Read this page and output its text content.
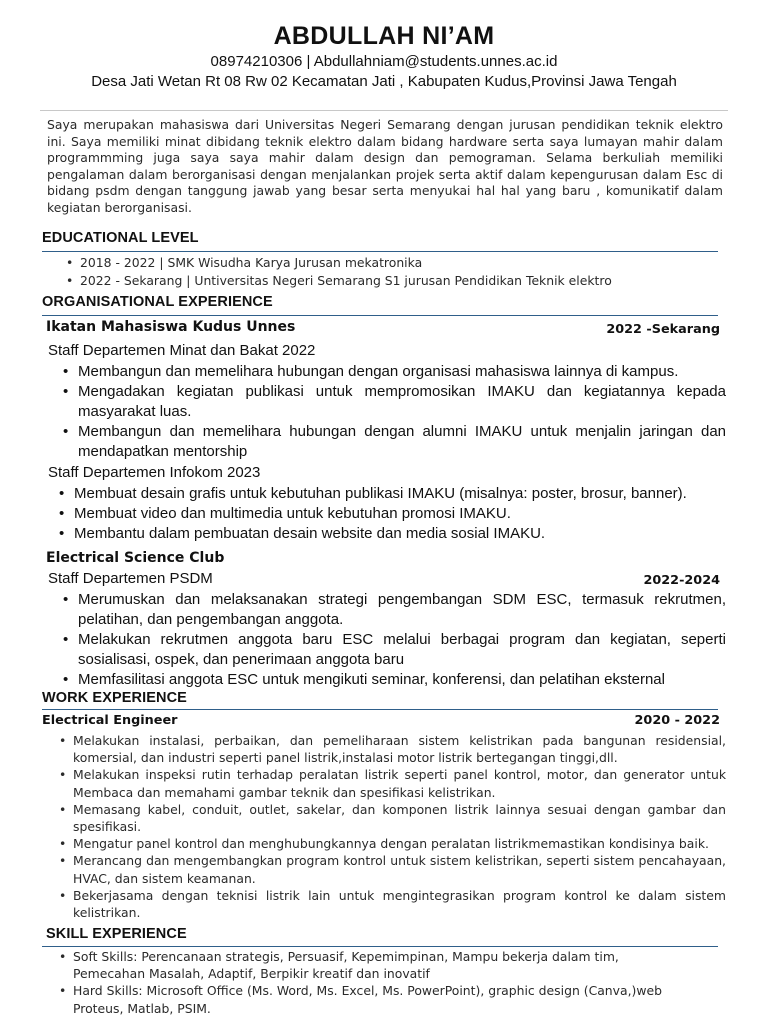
ABDULLAH NI’AM
08974210306 | Abdullahniam@students.unnes.ac.id
Desa Jati Wetan Rt 08 Rw 02 Kecamatan Jati , Kabupaten Kudus,Provinsi Jawa Tengah
Saya merupakan mahasiswa dari Universitas Negeri Semarang dengan jurusan pendidikan teknik elektro ini. Saya memiliki minat dibidang teknik elektro dalam bidang hardware serta saya lumayan mahir dalam programmming juga saya saya mahir dalam design dan pemograman. Selama berkuliah memiliki pengalaman dalam berorganisasi dengan menjalankan projek serta aktif dalam kepengurusan dalam Esc di bidang psdm dengan tanggung jawab yang besar serta menyukai hal hal yang baru , komunikatif dalam kegiatan berorganisasi.
EDUCATIONAL LEVEL
• 2018 - 2022 | SMK Wisudha Karya Jurusan mekatronika
• 2022 - Sekarang | Untiversitas Negeri Semarang S1 jurusan Pendidikan Teknik elektro
ORGANISATIONAL EXPERIENCE
Ikatan Mahasiswa Kudus Unnes	2022 -Sekarang
Staff Departemen Minat dan Bakat 2022
• Membangun dan memelihara hubungan dengan organisasi mahasiswa lainnya di kampus.
• Mengadakan kegiatan publikasi untuk mempromosikan IMAKU dan kegiatannya kepada masyarakat luas.
• Membangun dan memelihara hubungan dengan alumni IMAKU untuk menjalin jaringan dan mendapatkan mentorship
Staff Departemen Infokom 2023
• Membuat desain grafis untuk kebutuhan publikasi IMAKU (misalnya: poster, brosur, banner).
• Membuat video dan multimedia untuk kebutuhan promosi IMAKU.
• Membantu dalam pembuatan desain website dan media sosial IMAKU.
Electrical Science Club
Staff Departemen PSDM	2022-2024
• Merumuskan dan melaksanakan strategi pengembangan SDM ESC, termasuk rekrutmen, pelatihan, dan pengembangan anggota.
• Melakukan rekrutmen anggota baru ESC melalui berbagai program dan kegiatan, seperti sosialisasi, ospek, dan penerimaan anggota baru
• Memfasilitasi anggota ESC untuk mengikuti seminar, konferensi, dan pelatihan eksternal
WORK EXPERIENCE
Electrical Engineer	2020 - 2022
• Melakukan instalasi, perbaikan, dan pemeliharaan sistem kelistrikan pada bangunan residensial, komersial, dan industri seperti panel listrik,instalasi motor listrik bertegangan tinggi,dll.
• Melakukan inspeksi rutin terhadap peralatan listrik seperti panel kontrol, motor, dan generator untuk Membaca dan memahami gambar teknik dan spesifikasi kelistrikan.
• Memasang kabel, conduit, outlet, sakelar, dan komponen listrik lainnya sesuai dengan gambar dan spesifikasi.
• Mengatur panel kontrol dan menghubungkannya dengan peralatan listrikmemastikan kondisinya baik.
• Merancang dan mengembangkan program kontrol untuk sistem kelistrikan, seperti sistem pencahayaan, HVAC, dan sistem keamanan.
• Bekerjasama dengan teknisi listrik lain untuk mengintegrasikan program kontrol ke dalam sistem kelistrikan.
SKILL EXPERIENCE
• Soft Skills: Perencanaan strategis, Persuasif, Kepemimpinan, Mampu bekerja dalam tim, Pemecahan Masalah, Adaptif, Berpikir kreatif dan inovatif
• Hard Skills: Microsoft Office (Ms. Word, Ms. Excel, Ms. PowerPoint), graphic design (Canva,)web Proteus, Matlab, PSIM.
